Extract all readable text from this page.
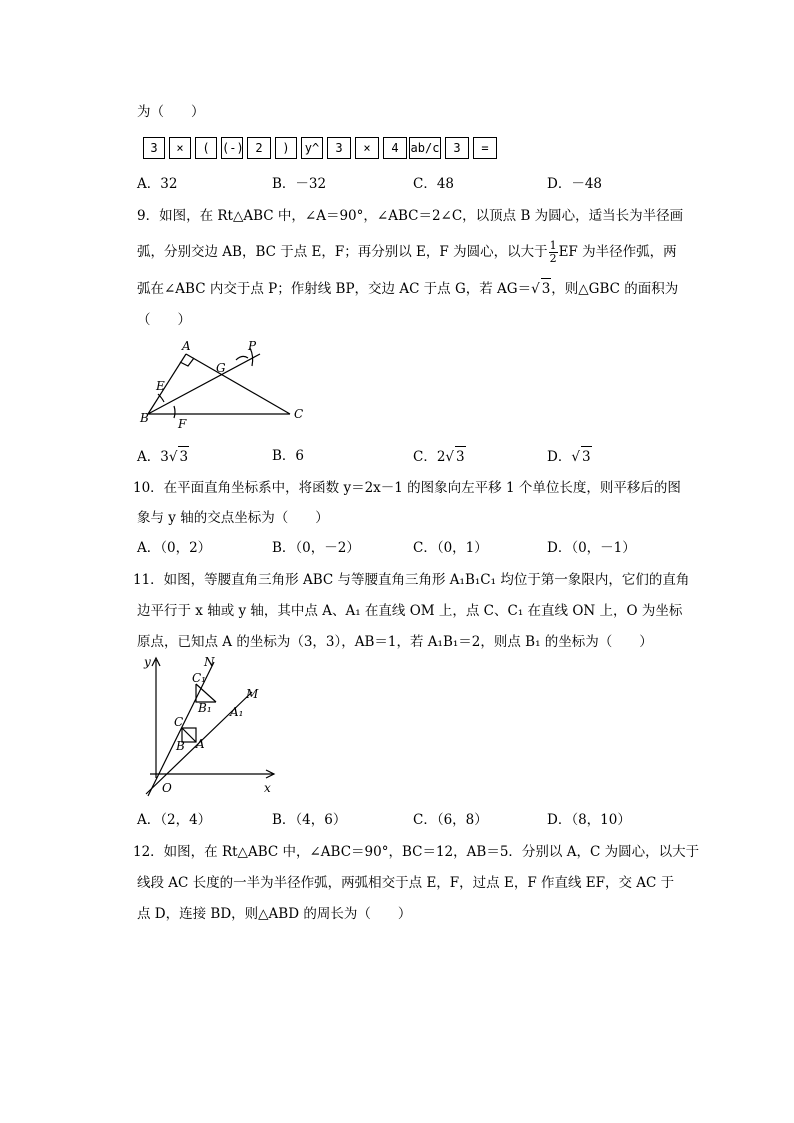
为（　　）
3	×	(	(-) 2	)	y^	3	×	4 ab/c	3	=
A．32	B．－32	C．48	D．－48
9．如图，在 Rt△ABC 中，∠A＝90°，∠ABC＝2∠C，以顶点 B 为圆心，适当长为半径画
弧，分别交边 AB，BC 于点 E，F；再分别以 E，F 为圆心，以大于 $\frac{1}{2}$ EF 为半径作弧，两
弧在∠ABC 内交于点 P；作射线 BP，交边 AC 于点 G，若 AG＝√ 3，则△GBC 的面积为
（　　）
A	P
G
E
B F
C
A．3√ 3	B．6	C．2√ 3	D．√ 3
10．在平面直角坐标系中，将函数 y＝2x－1 的图象向左平移 1 个单位长度，则平移后的图
象与 y 轴的交点坐标为（　　）
A．（0，2）	B．（0，－2）	C．（0，1）	D．（0，－1）
11．如图，等腰直角三角形 ABC 与等腰直角三角形 A₁B₁C₁ 均位于第一象限内，它们的直角
边平行于 x 轴或 y 轴，其中点 A、A₁ 在直线 OM 上，点 C、C₁ 在直线 ON 上，O 为坐标
原点，已知点 A 的坐标为（3，3），AB＝1，若 A₁B₁＝2，则点 B₁ 的坐标为（　　）
y	N
C₁
M
B₁ A₁
C
B A
O	x
A．（2，4）	B．（4，6）	C．（6，8）	D．（8，10）
12．如图，在 Rt△ABC 中，∠ABC＝90°，BC＝12，AB＝5．分别以 A，C 为圆心，以大于
线段 AC 长度的一半为半径作弧，两弧相交于点 E，F，过点 E，F 作直线 EF，交 AC 于
点 D，连接 BD，则△ABD 的周长为（　　）
